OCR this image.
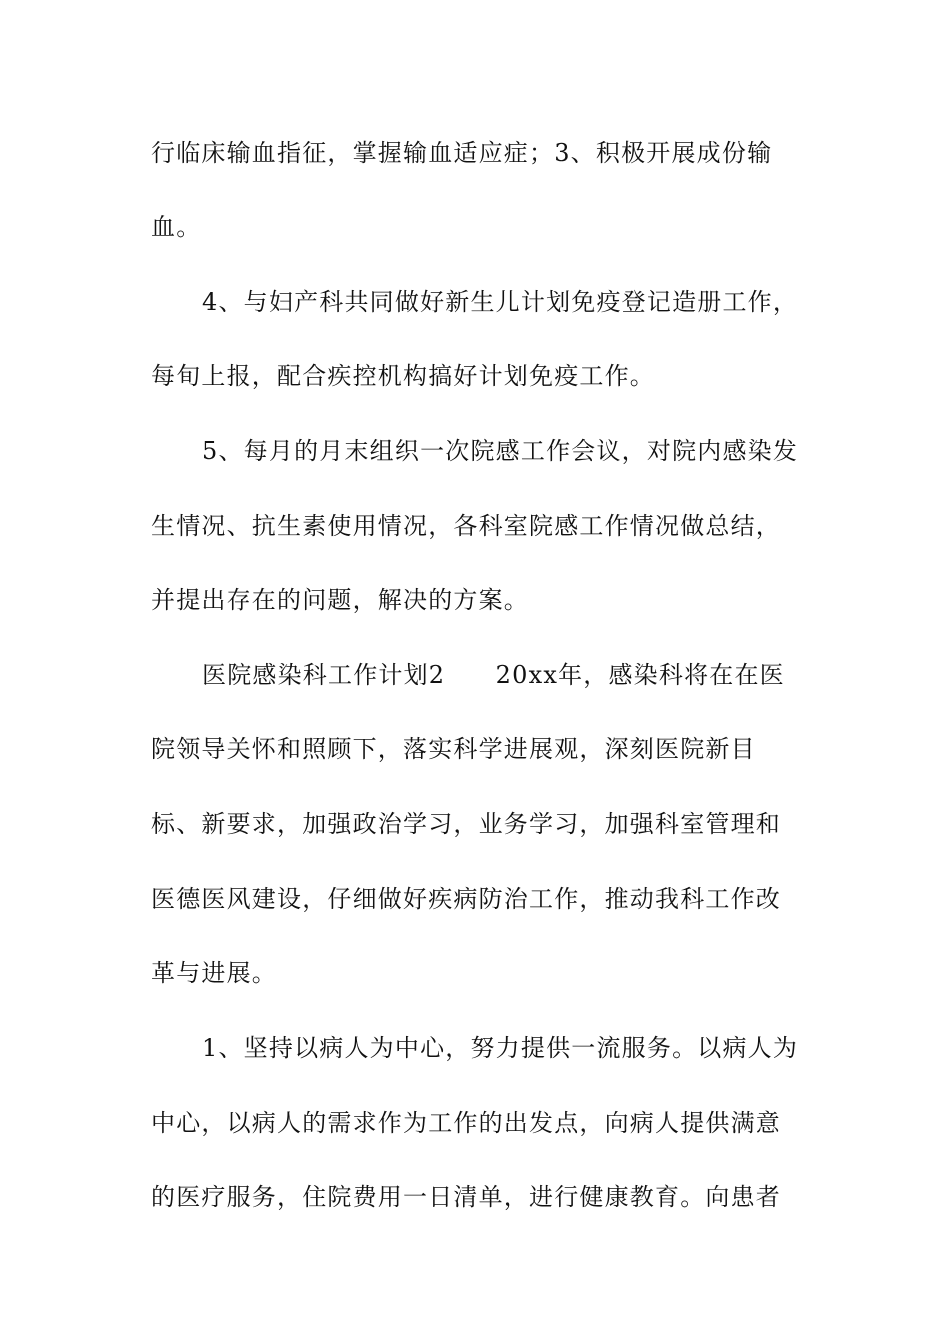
行临床输血指征，掌握输血适应症；3、积极开展成份输
血。
4、与妇产科共同做好新生儿计划免疫登记造册工作，
每旬上报，配合疾控机构搞好计划免疫工作。
5、每月的月末组织一次院感工作会议，对院内感染发
生情况、抗生素使用情况，各科室院感工作情况做总结，
并提出存在的问题，解决的方案。
医院感染科工作计划2　　20xx年，感染科将在在医
院领导关怀和照顾下，落实科学进展观，深刻医院新目
标、新要求，加强政治学习，业务学习，加强科室管理和
医德医风建设，仔细做好疾病防治工作，推动我科工作改
革与进展。
1、坚持以病人为中心，努力提供一流服务。以病人为
中心，以病人的需求作为工作的出发点，向病人提供满意
的医疗服务，住院费用一日清单，进行健康教育。向患者
